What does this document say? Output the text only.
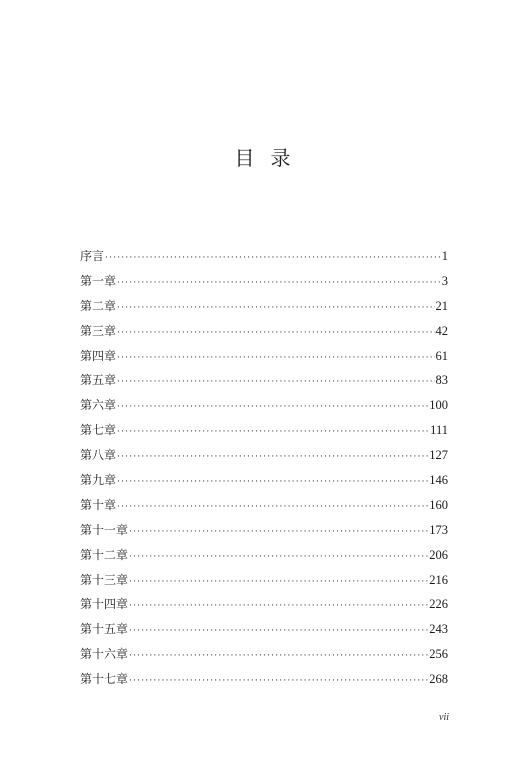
目 录
序言 ·····	1
第一章 ·····	3
第二章 ·····	21
第三章 ·····	42
第四章 ·····	61
第五章 ·····	83
第六章 ·····	100
第七章 ·····	111
第八章 ·····	127
第九章 ·····	146
第十章 ·····	160
第十一章 ·····	173
第十二章 ·····	206
第十三章 ·····	216
第十四章 ·····	226
第十五章 ·····	243
第十六章 ·····	256
第十七章 ·····	268
vii
